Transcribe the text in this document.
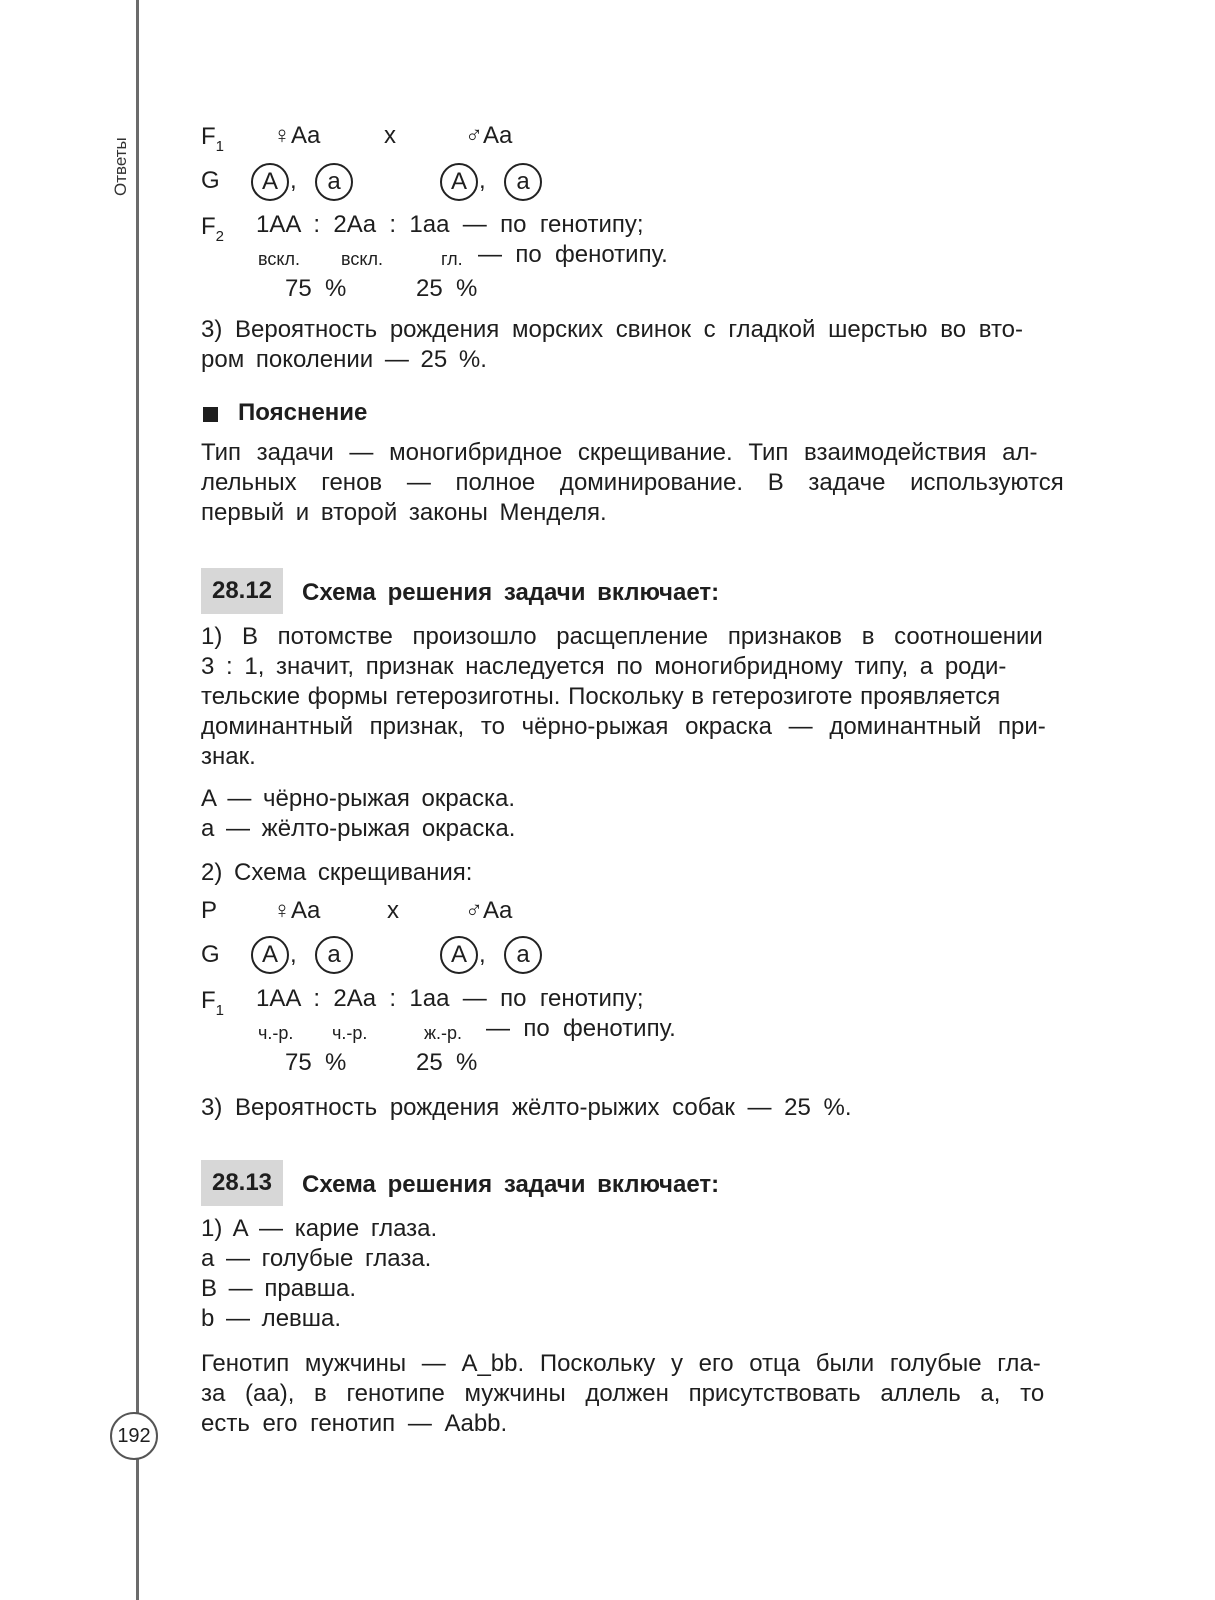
Ответы
192
$F_1$ ♀Aa	x	♂Aa
G	A ,	a	A ,	a
$F_2$ 1AA  :  2Aa  :  1aa  —  по  генотипу;
вскл. вскл.	гл. —  по  фенотипу.
75  %	25  %
3) Вероятность рождения морских свинок с гладкой шерстью во вто-
ром поколении — 25 %.
Пояснение
Тип задачи — моногибридное скрещивание. Тип взаимодействия ал-
лельных генов — полное доминирование. В задаче используются
первый и второй законы Менделя.
28.12	Схема решения задачи включает:
1) В потомстве произошло расщепление признаков в соотношении
3 : 1, значит, признак наследуется по моногибридному типу, а роди-
тельские формы гетерозиготны. Поскольку в гетерозиготе проявляется
доминантный признак, то чёрно-рыжая окраска — доминантный при-
знак.
A — чёрно-рыжая окраска.
a — жёлто-рыжая окраска.
2) Схема скрещивания:
P ♀Aa	x	♂Aa
G	A ,	a	A ,	a
$F_1$ 1AA  :  2Aa  :  1aa  —  по  генотипу;
ч.-р. ч.-р.	ж.-р. —  по  фенотипу.
75  %	25  %
3) Вероятность рождения жёлто-рыжих собак — 25 %.
28.13	Схема решения задачи включает:
1) A — карие глаза.
a — голубые глаза.
B — правша.
b — левша.
Генотип мужчины — A_bb. Поскольку у его отца были голубые гла-
за (aa), в генотипе мужчины должен присутствовать аллель a, то
есть его генотип — Aabb.
